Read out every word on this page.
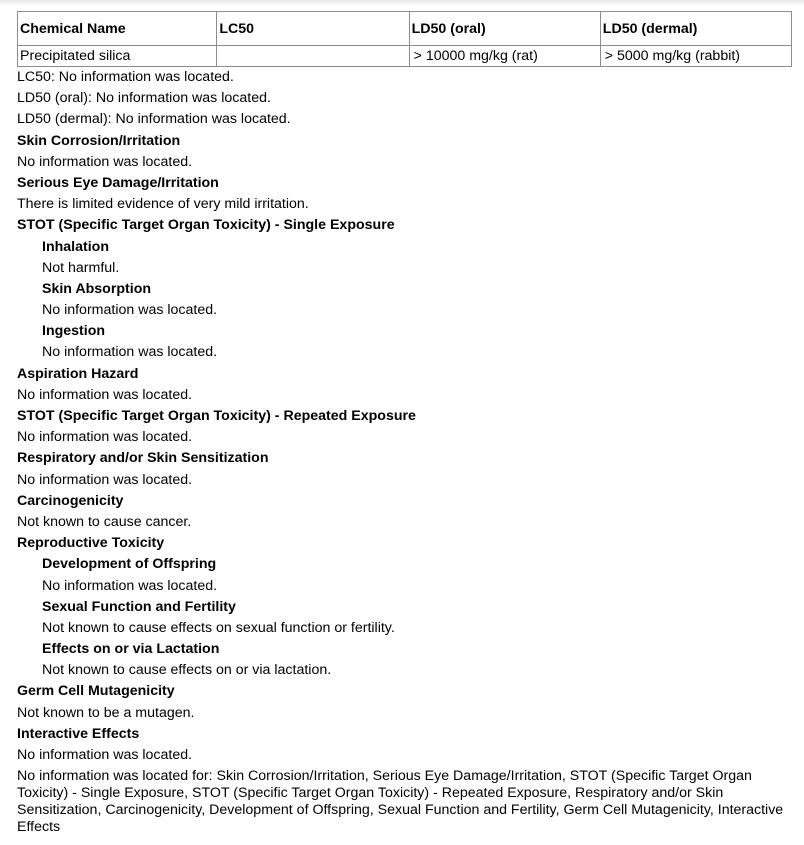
Chemical Name	LC50	LD50 (oral)	LD50 (dermal)
Precipitated silica		> 10000 mg/kg (rat)	> 5000 mg/kg (rabbit)
LC50: No information was located.
LD50 (oral): No information was located.
LD50 (dermal): No information was located.
Skin Corrosion/Irritation
No information was located.
Serious Eye Damage/Irritation
There is limited evidence of very mild irritation.
STOT (Specific Target Organ Toxicity) - Single Exposure
Inhalation
Not harmful.
Skin Absorption
No information was located.
Ingestion
No information was located.
Aspiration Hazard
No information was located.
STOT (Specific Target Organ Toxicity) - Repeated Exposure
No information was located.
Respiratory and/or Skin Sensitization
No information was located.
Carcinogenicity
Not known to cause cancer.
Reproductive Toxicity
Development of Offspring
No information was located.
Sexual Function and Fertility
Not known to cause effects on sexual function or fertility.
Effects on or via Lactation
Not known to cause effects on or via lactation.
Germ Cell Mutagenicity
Not known to be a mutagen.
Interactive Effects
No information was located.
No information was located for: Skin Corrosion/Irritation, Serious Eye Damage/Irritation, STOT (Specific Target Organ Toxicity) - Single Exposure, STOT (Specific Target Organ Toxicity) - Repeated Exposure, Respiratory and/or Skin Sensitization, Carcinogenicity, Development of Offspring, Sexual Function and Fertility, Germ Cell Mutagenicity, Interactive Effects
